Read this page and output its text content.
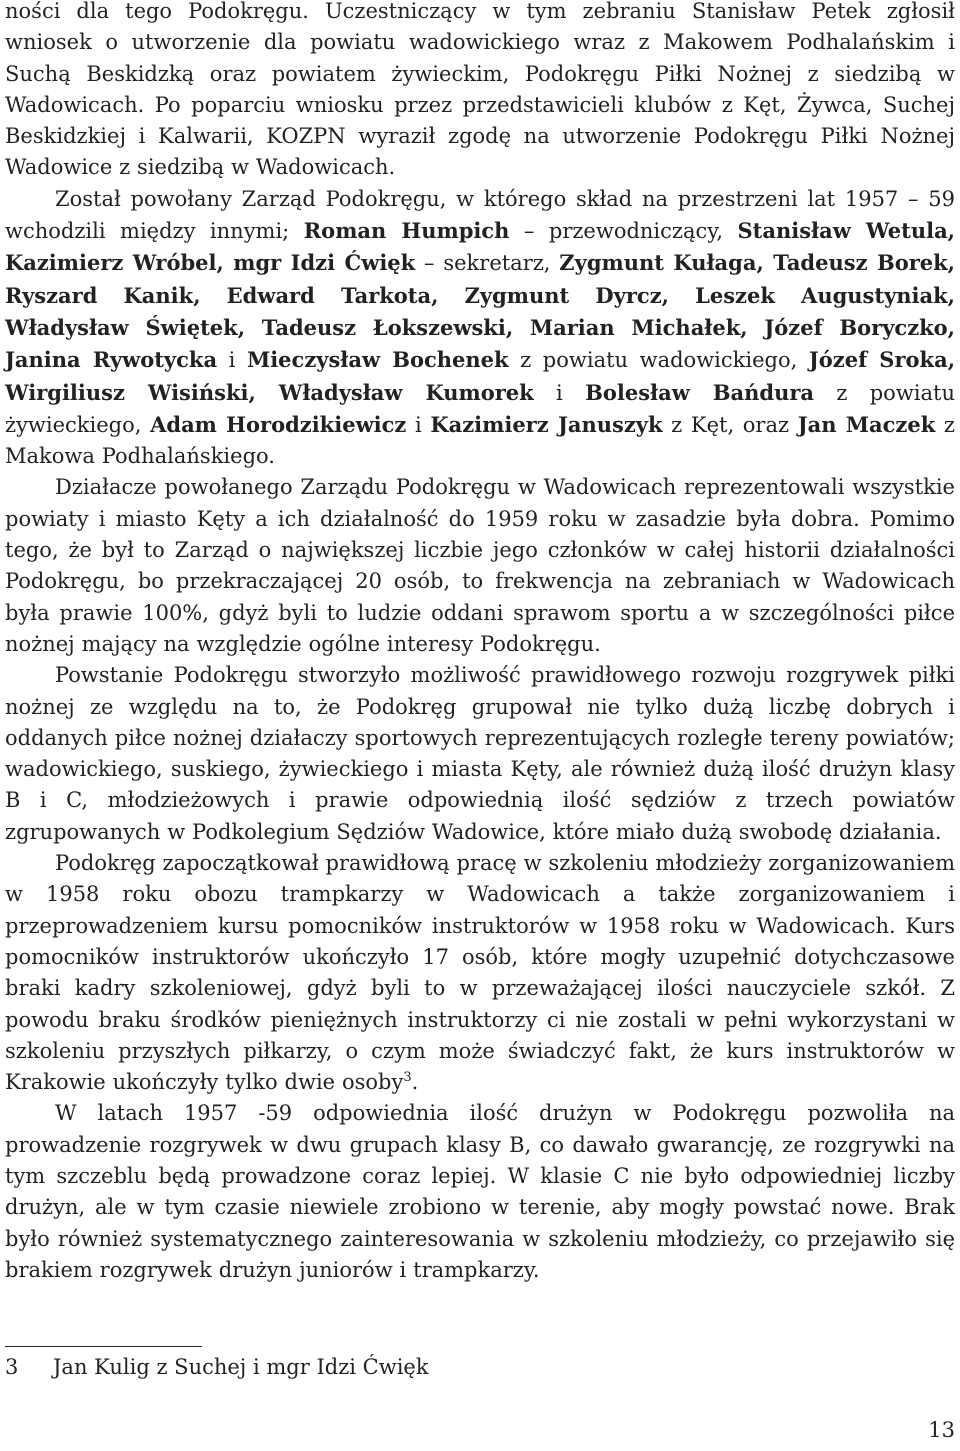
ności dla tego Podokręgu. Uczestniczący w tym zebraniu Stanisław Petek zgłosił wniosek o utworzenie dla powiatu wadowickiego wraz z Makowem Podhalańskim i Suchą Beskidzką oraz powiatem żywieckim, Podokręgu Piłki Nożnej z siedzibą w Wadowicach. Po poparciu wniosku przez przedstawicieli klubów z Kęt, Żywca, Suchej Beskidzkiej i Kalwarii, KOZPN wyraził zgodę na utworzenie Podokręgu Piłki Nożnej Wadowice z siedzibą w Wadowicach.

Został powołany Zarząd Podokręgu, w którego skład na przestrzeni lat 1957 – 59 wchodzili między innymi; Roman Humpich – przewodniczący, Stanisław Wetula, Kazimierz Wróbel, mgr Idzi Ćwięk – sekretarz, Zygmunt Kułaga, Tadeusz Borek, Ryszard Kanik, Edward Tarkota, Zygmunt Dyrcz, Leszek Augustyniak, Władysław Świętek, Tadeusz Łokszewski, Marian Michałek, Józef Boryczko, Janina Rywotycka i Mieczysław Bochenek z powiatu wadowickiego, Józef Sroka, Wirgiliusz Wisiński, Władysław Kumorek i Bolesław Bańdura z powiatu żywieckiego, Adam Horodzikiewicz i Kazimierz Januszyk z Kęt, oraz Jan Maczek z Makowa Podhalańskiego.

Działacze powołanego Zarządu Podokręgu w Wadowicach reprezentowali wszystkie powiaty i miasto Kęty a ich działalność do 1959 roku w zasadzie była dobra. Pomimo tego, że był to Zarząd o największej liczbie jego członków w całej historii działalności Podokręgu, bo przekraczającej 20 osób, to frekwencja na zebraniach w Wadowicach była prawie 100%, gdyż byli to ludzie oddani sprawom sportu a w szczególności piłce nożnej mający na względzie ogólne interesy Podokręgu.

Powstanie Podokręgu stworzyło możliwość prawidłowego rozwoju rozgrywek piłki nożnej ze względu na to, że Podokręg grupował nie tylko dużą liczbę dobrych i oddanych piłce nożnej działaczy sportowych reprezentujących rozległe tereny powiatów; wadowickiego, suskiego, żywieckiego i miasta Kęty, ale również dużą ilość drużyn klasy B i C, młodzieżowych i prawie odpowiednią ilość sędziów z trzech powiatów zgrupowanych w Podkolegium Sędziów Wadowice, które miało dużą swobodę działania.

Podokręg zapoczątkował prawidłową pracę w szkoleniu młodzieży zorganizowaniem w 1958 roku obozu trampkarzy w Wadowicach a także zorganizowaniem i przeprowadzeniem kursu pomocników instruktorów w 1958 roku w Wadowicach. Kurs pomocników instruktorów ukończyło 17 osób, które mogły uzupełnić dotychczasowe braki kadry szkoleniowej, gdyż byli to w przeważającej ilości nauczyciele szkół. Z powodu braku środków pieniężnych instruktorzy ci nie zostali w pełni wykorzystani w szkoleniu przyszłych piłkarzy, o czym może świadczyć fakt, że kurs instruktorów w Krakowie ukończyły tylko dwie osoby$^3$.

W latach 1957 -59 odpowiednia ilość drużyn w Podokręgu pozwoliła na prowadzenie rozgrywek w dwu grupach klasy B, co dawało gwarancję, ze rozgrywki na tym szczeblu będą prowadzone coraz lepiej. W klasie C nie było odpowiedniej liczby drużyn, ale w tym czasie niewiele zrobiono w terenie, aby mogły powstać nowe. Brak było również systematycznego zainteresowania w szkoleniu młodzieży, co przejawiło się brakiem rozgrywek drużyn juniorów i trampkarzy.

3 Jan Kulig z Suchej i mgr Idzi Ćwięk
13
